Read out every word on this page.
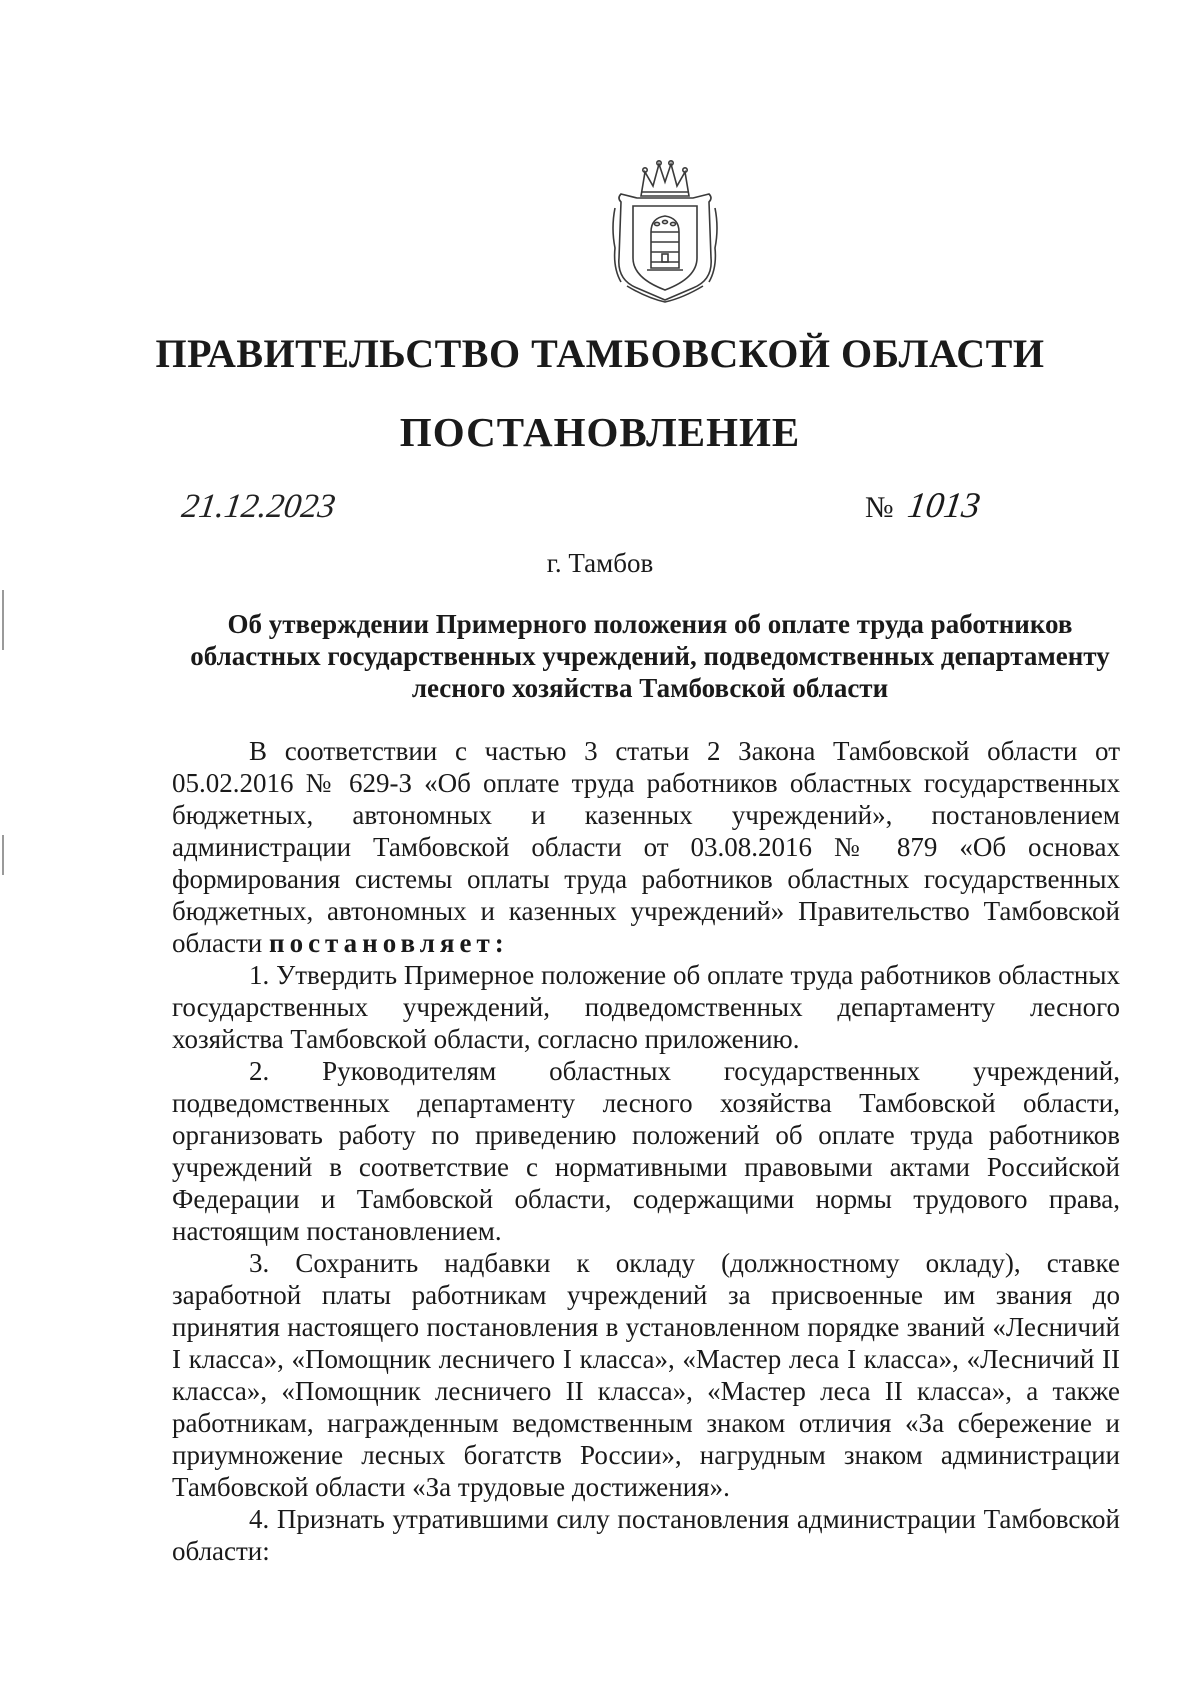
ПРАВИТЕЛЬСТВО ТАМБОВСКОЙ ОБЛАСТИ
ПОСТАНОВЛЕНИЕ
21.12.2023	№ 1013
г. Тамбов
Об утверждении Примерного положения об оплате труда работников
областных государственных учреждений, подведомственных департаменту
лесного хозяйства Тамбовской области

В соответствии с частью 3 статьи 2 Закона Тамбовской области от 05.02.2016 № 629-З «Об оплате труда работников областных государственных бюджетных, автономных и казенных учреждений», постановлением администрации Тамбовской области от 03.08.2016 № 879 «Об основах формирования системы оплаты труда работников областных государственных бюджетных, автономных и казенных учреждений» Правительство Тамбовской области постановляет:

1. Утвердить Примерное положение об оплате труда работников областных государственных учреждений, подведомственных департаменту лесного хозяйства Тамбовской области, согласно приложению.

2. Руководителям областных государственных учреждений, подведомственных департаменту лесного хозяйства Тамбовской области, организовать работу по приведению положений об оплате труда работников учреждений в соответствие с нормативными правовыми актами Российской Федерации и Тамбовской области, содержащими нормы трудового права, настоящим постановлением.

3. Сохранить надбавки к окладу (должностному окладу), ставке заработной платы работникам учреждений за присвоенные им звания до принятия настоящего постановления в установленном порядке званий «Лесничий I класса», «Помощник лесничего I класса», «Мастер леса I класса», «Лесничий II класса», «Помощник лесничего II класса», «Мастер леса II класса», а также работникам, награжденным ведомственным знаком отличия «За сбережение и приумножение лесных богатств России», нагрудным знаком администрации Тамбовской области «За трудовые достижения».

4. Признать утратившими силу постановления администрации Тамбовской области:
